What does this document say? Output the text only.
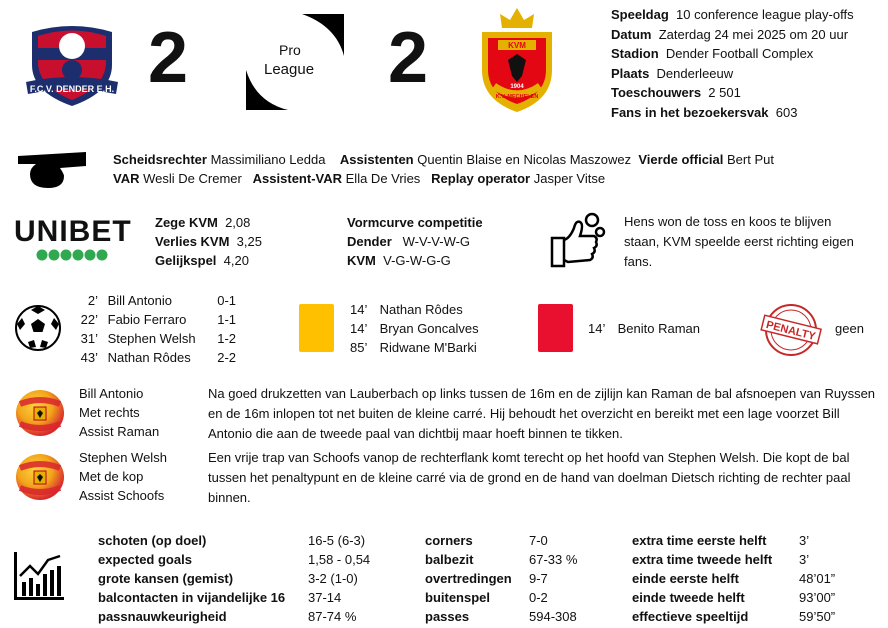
F.C.V. DENDER E.H. 2	Pro
League 2	KVM
1904
K.V. MECHELEN
Speeldag 10 conference league play-offs
Datum Zaterdag 24 mei 2025 om 20 uur
Stadion Dender Football Complex
Plaats Denderleeuw
Toeschouwers 2 501
Fans in het bezoekersvak 603
Scheidsrechter Massimiliano Ledda Assistenten Quentin Blaise en Nicolas Maszowez Vierde official Bert Put
VAR Wesli De Cremer Assistent-VAR Ella De Vries Replay operator Jasper Vitse
UNIBET	Zege KVM 2,08
Verlies KVM 3,25
Gelijkspel 4,20
Vormcurve competitie
Dender W-V-V-W-G
KVM V-G-W-G-G
Hens won de toss en koos te blijven staan, KVM speelde eerst richting eigen fans.
2’ Bill Antonio	0-1
22’ Fabio Ferraro 1-1
31’ Stephen Welsh 1-2
43’ Nathan Rôdes 2-2
14’ Nathan Rôdes
14’ Bryan Goncalves
85’ Ridwane M'Barki
14’ Benito Raman	PENALTY geen
Bill Antonio
Met rechts
Assist Raman
Na goed drukzetten van Lauberbach op links tussen de 16m en de zijlijn kan Raman de bal afsnoepen van Ruyssen en de 16m inlopen tot net buiten de kleine carré. Hij behoudt het overzicht en bereikt met een lage voorzet Bill Antonio die aan de tweede paal van dichtbij maar hoeft binnen te tikken.
Stephen Welsh
Met de kop
Assist Schoofs
Een vrije trap van Schoofs vanop de rechterflank komt terecht op het hoofd van Stephen Welsh. Die kopt de bal tussen het penaltypunt en de kleine carré via de grond en de hand van doelman Dietsch richting de rechter paal binnen.
schoten (op doel)	16-5 (6-3)
expected goals	1,58 - 0,54
grote kansen (gemist)	3-2 (1-0)
balcontacten in vijandelijke 16 37-14
passnauwkeurigheid	87-74 %
corners	7-0
balbezit	67-33 %
overtredingen 9-7
buitenspel	0-2
passes	594-308
extra time eerste helft	3’
extra time tweede helft 3’
einde eerste helft	48’01”
einde tweede helft	93’00”
effectieve speeltijd	59’50”
